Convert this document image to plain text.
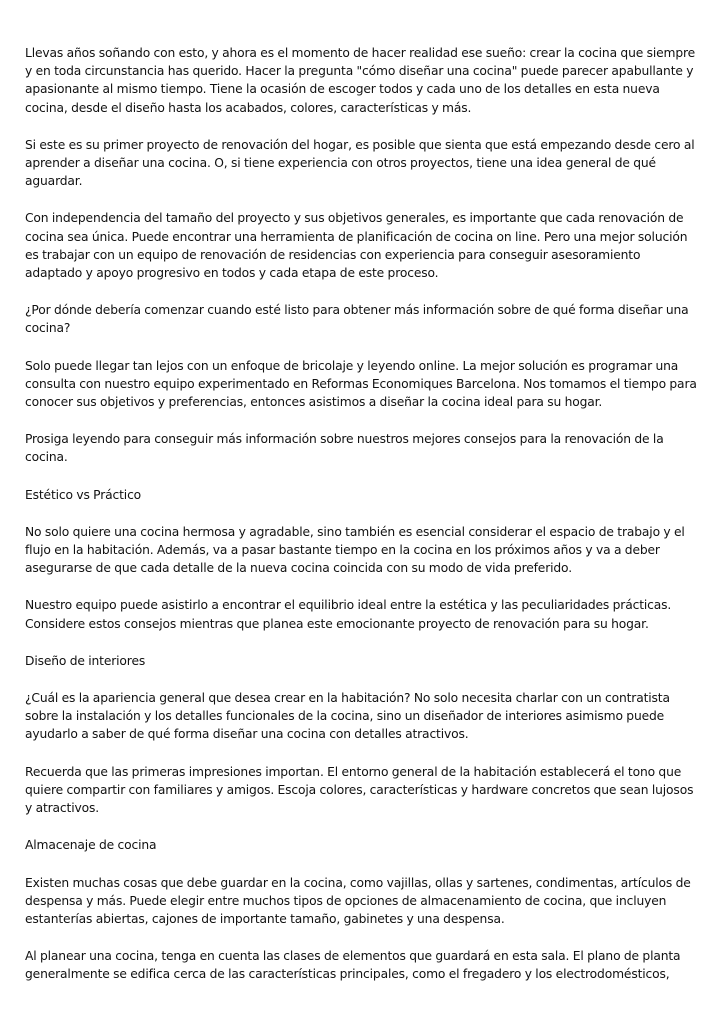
Llevas años soñando con esto, y ahora es el momento de hacer realidad ese sueño: crear la cocina que siempre y en toda circunstancia has querido. Hacer la pregunta "cómo diseñar una cocina" puede parecer apabullante y apasionante al mismo tiempo. Tiene la ocasión de escoger todos y cada uno de los detalles en esta nueva cocina, desde el diseño hasta los acabados, colores, características y más.

Si este es su primer proyecto de renovación del hogar, es posible que sienta que está empezando desde cero al aprender a diseñar una cocina. O, si tiene experiencia con otros proyectos, tiene una idea general de qué aguardar.

Con independencia del tamaño del proyecto y sus objetivos generales, es importante que cada renovación de cocina sea única. Puede encontrar una herramienta de planificación de cocina on line. Pero una mejor solución es trabajar con un equipo de renovación de residencias con experiencia para conseguir asesoramiento adaptado y apoyo progresivo en todos y cada etapa de este proceso.

¿Por dónde debería comenzar cuando esté listo para obtener más información sobre de qué forma diseñar una cocina?

Solo puede llegar tan lejos con un enfoque de bricolaje y leyendo online. La mejor solución es programar una consulta con nuestro equipo experimentado en Reformas Economiques Barcelona. Nos tomamos el tiempo para conocer sus objetivos y preferencias, entonces asistimos a diseñar la cocina ideal para su hogar.

Prosiga leyendo para conseguir más información sobre nuestros mejores consejos para la renovación de la cocina.

Estético vs Práctico

No solo quiere una cocina hermosa y agradable, sino también es esencial considerar el espacio de trabajo y el flujo en la habitación. Además, va a pasar bastante tiempo en la cocina en los próximos años y va a deber asegurarse de que cada detalle de la nueva cocina coincida con su modo de vida preferido.

Nuestro equipo puede asistirlo a encontrar el equilibrio ideal entre la estética y las peculiaridades prácticas. Considere estos consejos mientras que planea este emocionante proyecto de renovación para su hogar.

Diseño de interiores

¿Cuál es la apariencia general que desea crear en la habitación? No solo necesita charlar con un contratista sobre la instalación y los detalles funcionales de la cocina, sino un diseñador de interiores asimismo puede ayudarlo a saber de qué forma diseñar una cocina con detalles atractivos.

Recuerda que las primeras impresiones importan. El entorno general de la habitación establecerá el tono que quiere compartir con familiares y amigos. Escoja colores, características y hardware concretos que sean lujosos y atractivos.

Almacenaje de cocina

Existen muchas cosas que debe guardar en la cocina, como vajillas, ollas y sartenes, condimentas, artículos de despensa y más. Puede elegir entre muchos tipos de opciones de almacenamiento de cocina, que incluyen estanterías abiertas, cajones de importante tamaño, gabinetes y una despensa.

Al planear una cocina, tenga en cuenta las clases de elementos que guardará en esta sala. El plano de planta generalmente se edifica cerca de las características principales, como el fregadero y los electrodomésticos,
